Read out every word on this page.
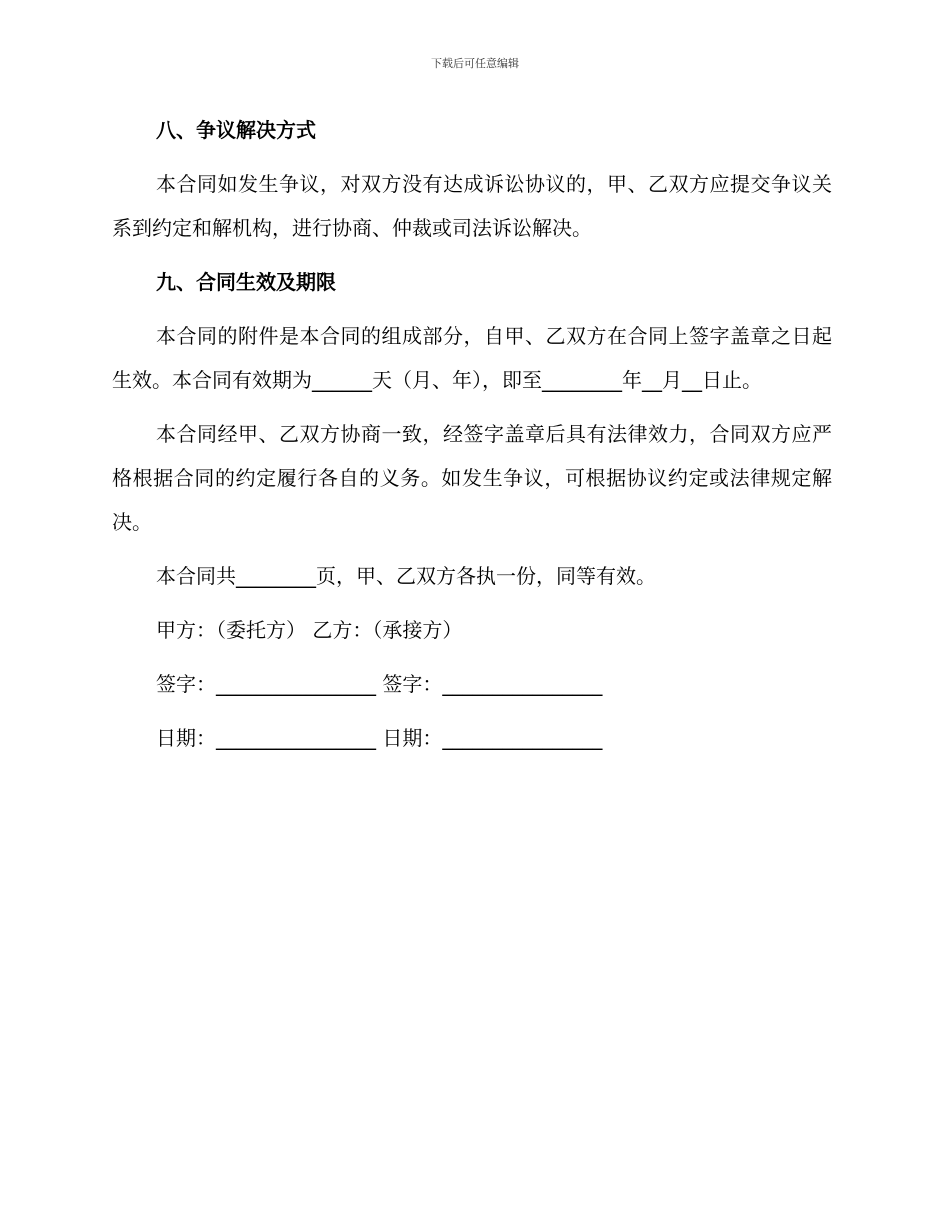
下载后可任意编辑
八、争议解决方式

本合同如发生争议，对双方没有达成诉讼协议的，甲、乙双方应提交争议关系到约定和解机构，进行协商、仲裁或司法诉讼解决。

九、合同生效及期限

本合同的附件是本合同的组成部分，自甲、乙双方在合同上签字盖章之日起生效。本合同有效期为______天（月、年），即至________年__月__日止。

本合同经甲、乙双方协商一致，经签字盖章后具有法律效力，合同双方应严格根据合同的约定履行各自的义务。如发生争议，可根据协议约定或法律规定解决。

本合同共________页，甲、乙双方各执一份，同等有效。

甲方：（委托方） 乙方：（承接方）

签字：________________ 签字：________________

日期：________________ 日期：________________
